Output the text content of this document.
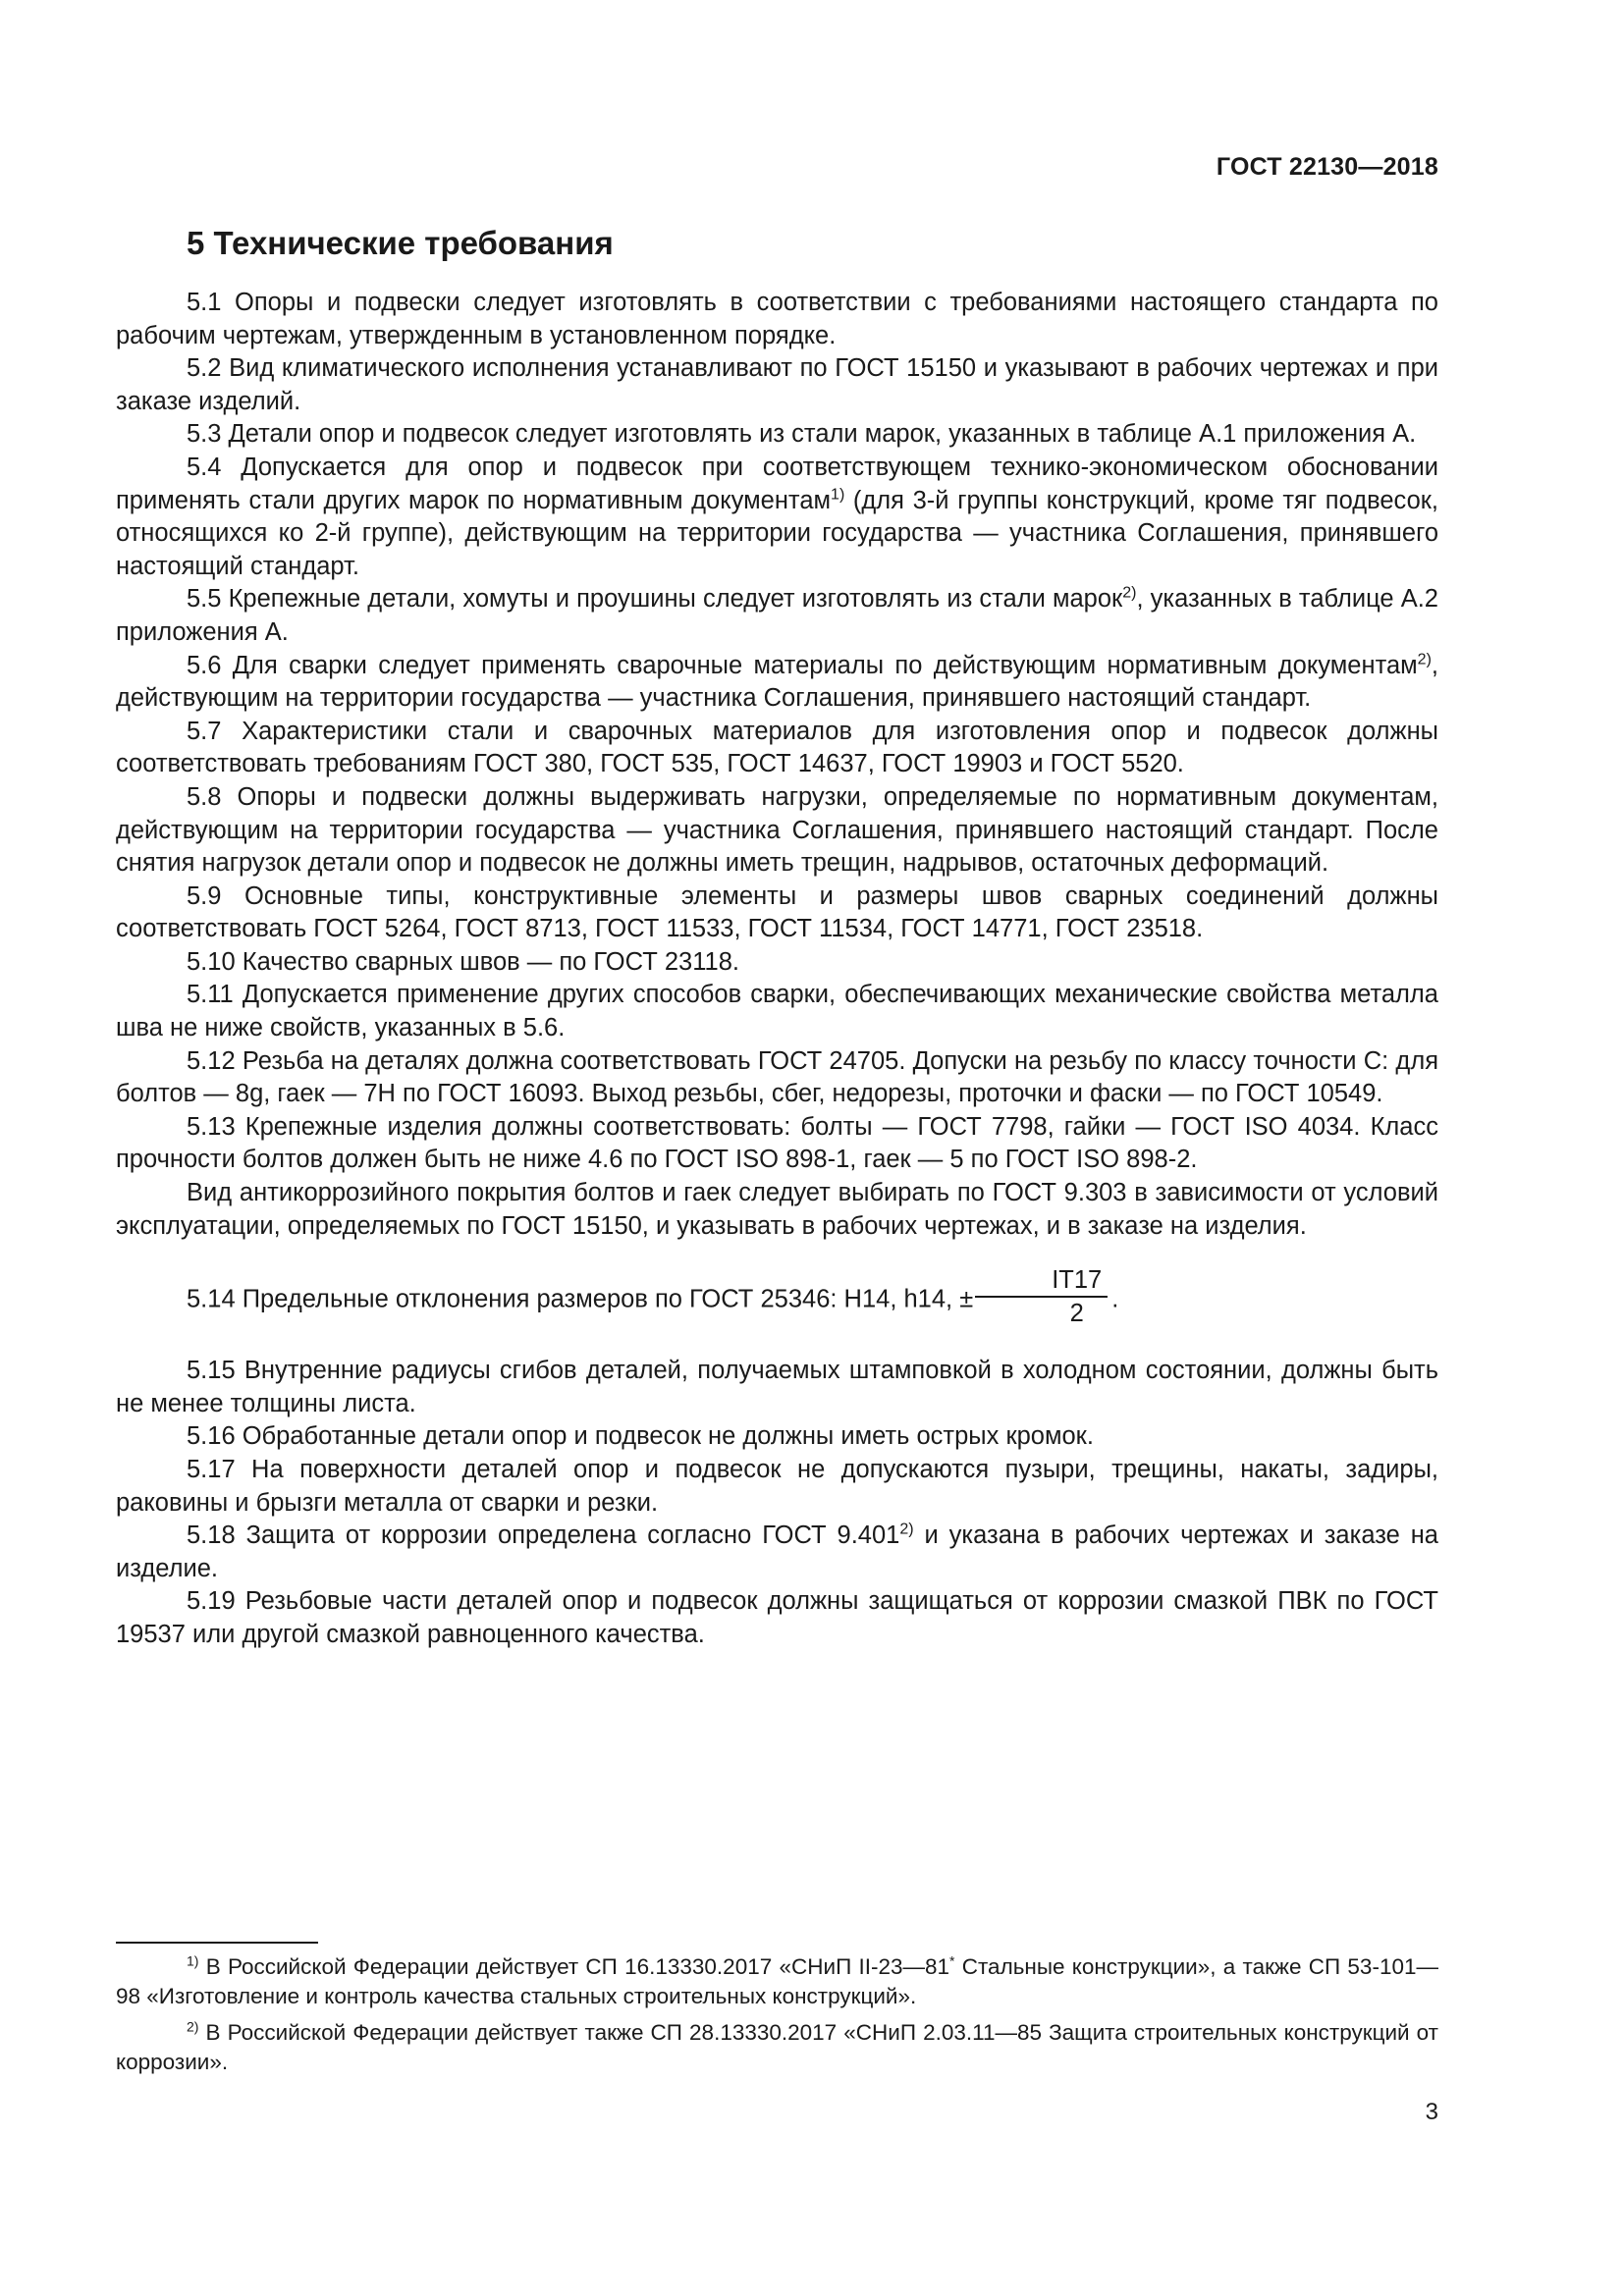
ГОСТ 22130—2018
5 Технические требования

5.1 Опоры и подвески следует изготовлять в соответствии с требованиями настоящего стандарта по рабочим чертежам, утвержденным в установленном порядке.

5.2 Вид климатического исполнения устанавливают по ГОСТ 15150 и указывают в рабочих чертежах и при заказе изделий.

5.3 Детали опор и подвесок следует изготовлять из стали марок, указанных в таблице А.1 приложения А.

5.4 Допускается для опор и подвесок при соответствующем технико-экономическом обосновании применять стали других марок по нормативным документам$^{1)}$ (для 3-й группы конструкций, кроме тяг подвесок, относящихся ко 2-й группе), действующим на территории государства — участника Соглашения, принявшего настоящий стандарт.

5.5 Крепежные детали, хомуты и проушины следует изготовлять из стали марок$^{2)}$, указанных в таблице А.2 приложения А.

5.6 Для сварки следует применять сварочные материалы по действующим нормативным документам$^{2)}$, действующим на территории государства — участника Соглашения, принявшего настоящий стандарт.

5.7 Характеристики стали и сварочных материалов для изготовления опор и подвесок должны соответствовать требованиям ГОСТ 380, ГОСТ 535, ГОСТ 14637, ГОСТ 19903 и ГОСТ 5520.

5.8 Опоры и подвески должны выдерживать нагрузки, определяемые по нормативным документам, действующим на территории государства — участника Соглашения, принявшего настоящий стандарт. После снятия нагрузок детали опор и подвесок не должны иметь трещин, надрывов, остаточных деформаций.

5.9 Основные типы, конструктивные элементы и размеры швов сварных соединений должны соответствовать ГОСТ 5264, ГОСТ 8713, ГОСТ 11533, ГОСТ 11534, ГОСТ 14771, ГОСТ 23518.

5.10 Качество сварных швов — по ГОСТ 23118.

5.11 Допускается применение других способов сварки, обеспечивающих механические свойства металла шва не ниже свойств, указанных в 5.6.

5.12 Резьба на деталях должна соответствовать ГОСТ 24705. Допуски на резьбу по классу точности С: для болтов — 8g, гаек — 7Н по ГОСТ 16093. Выход резьбы, сбег, недорезы, проточки и фаски — по ГОСТ 10549.

5.13 Крепежные изделия должны соответствовать: болты — ГОСТ 7798, гайки — ГОСТ ISO 4034. Класс прочности болтов должен быть не ниже 4.6 по ГОСТ ISO 898-1, гаек — 5 по ГОСТ ISO 898-2.

Вид антикоррозийного покрытия болтов и гаек следует выбирать по ГОСТ 9.303 в зависимости от условий эксплуатации, определяемых по ГОСТ 15150, и указывать в рабочих чертежах, и в заказе на изделия.

5.14 Предельные отклонения размеров по ГОСТ 25346: Н14, h14, ± $\frac{IT17}{2}$ .

5.15 Внутренние радиусы сгибов деталей, получаемых штамповкой в холодном состоянии, должны быть не менее толщины листа.

5.16 Обработанные детали опор и подвесок не должны иметь острых кромок.

5.17 На поверхности деталей опор и подвесок не допускаются пузыри, трещины, накаты, задиры, раковины и брызги металла от сварки и резки.

5.18 Защита от коррозии определена согласно ГОСТ 9.401$^{2)}$ и указана в рабочих чертежах и заказе на изделие.

5.19 Резьбовые части деталей опор и подвесок должны защищаться от коррозии смазкой ПВК по ГОСТ 19537 или другой смазкой равноценного качества.

$^{1)}$ В Российской Федерации действует СП 16.13330.2017 «СНиП II-23—81* Стальные конструкции», а также СП 53-101—98 «Изготовление и контроль качества стальных строительных конструкций».

$^{2)}$ В Российской Федерации действует также СП 28.13330.2017 «СНиП 2.03.11—85 Защита строительных конструкций от коррозии».

3
